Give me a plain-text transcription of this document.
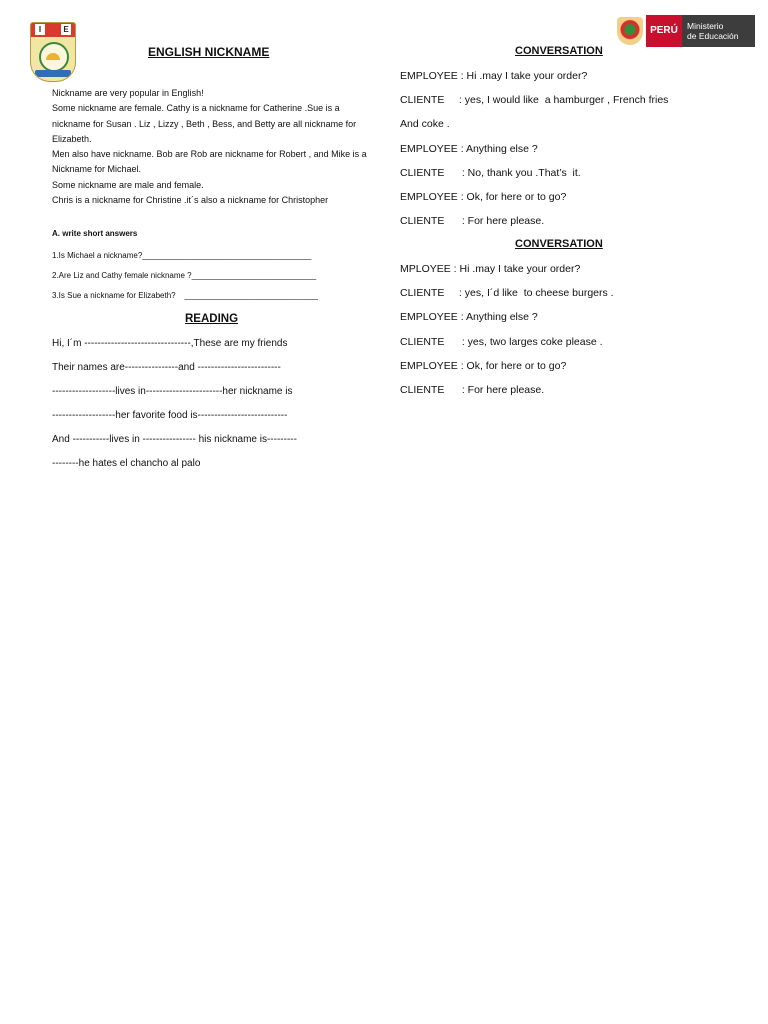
I	E	PERÚ	Ministerio
de Educación
ENGLISH NICKNAME
Nickname are very popular in English!
Some nickname are female. Cathy is a nickname for Catherine .Sue is a nickname for Susan . Liz , Lizzy , Beth , Bess, and Betty are all nickname for Elizabeth.
Men also have nickname. Bob are Rob are nickname for Robert , and Mike is a Nickname for Michael.
Some nickname are male and female.
Chris is a nickname for Christine .it´s also a nickname for Christopher
A. write short answers
1.Is Michael a nickname?______________________________________
2.Are Liz and Cathy female nickname ?____________________________
3.Is Sue a nickname for Elizabeth?    ______________________________
READING
Hi, I´m --------------------------------,These are my friends
Their names are----------------and -------------------------
-------------------lives in-----------------------her nickname is
-------------------her favorite food is---------------------------
And -----------lives in ---------------- his nickname is---------
--------he hates el chancho al palo
CONVERSATION
EMPLOYEE : Hi .may I take your order?
CLIENTE     : yes, I would like  a hamburger , French fries
And coke .
EMPLOYEE : Anything else ?
CLIENTE      : No, thank you .That’s  it.
EMPLOYEE : Ok, for here or to go?
CLIENTE      : For here please.
CONVERSATION
MPLOYEE : Hi .may I take your order?
CLIENTE     : yes, I´d like  to cheese burgers .
EMPLOYEE : Anything else ?
CLIENTE      : yes, two larges coke please .
EMPLOYEE : Ok, for here or to go?
CLIENTE      : For here please.
